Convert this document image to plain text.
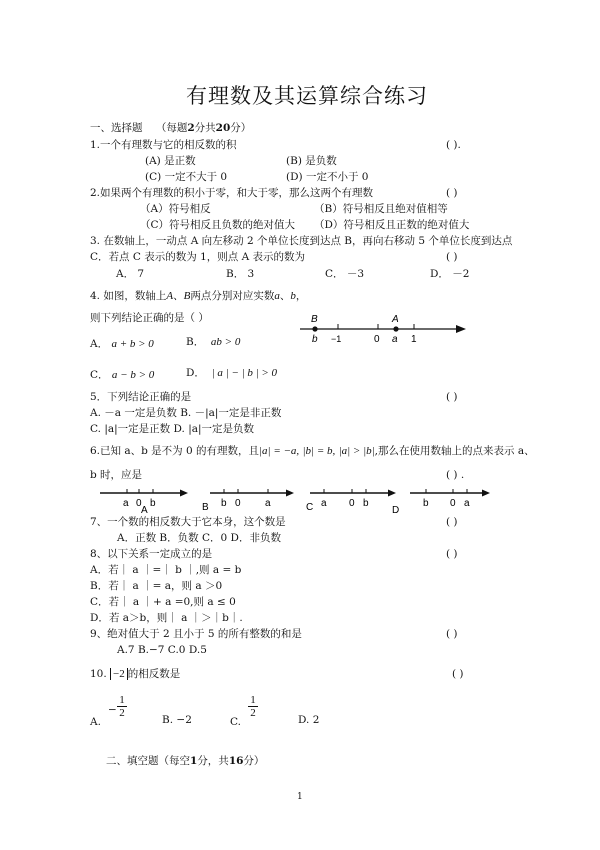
有理数及其运算综合练习
一、选择题 （每题2分共20分）
1.一个有理数与它的相反数的积	( ).
(A) 是正数	(B) 是负数
(C) 一定不大于 0	(D) 一定不小于 0
2.如果两个有理数的积小于零，和大于零，那么这两个有理数	( )
（A）符号相反	（B）符号相反且绝对值相等
（C）符号相反且负数的绝对值大 （D）符号相反且正数的绝对值大
3. 在数轴上，一动点 A 向左移动 2 个单位长度到达点 B，再向右移动 5 个单位长度到达点
C．若点 C 表示的数为 1，则点 A 表示的数为	( )
A． 7	B． 3	C． －3	D． －2
4. 如图，数轴上A、B两点分别对应实数a、b，
则下列结论正确的是（ ）	B	A
b −1	0 a 1
A． a + b > 0	B． ab > 0
C． a − b > 0	D． | a | − | b | > 0
5．下列结论正确的是	( )
A. －a 一定是负数 B. －|a|一定是非正数
C. |a|一定是正数 D. |a|一定是负数
6.已知 a、b 是不为 0 的有理数，且|a| = −a, |b| = b, |a| > |b|,那么在使用数轴上的点来表示 a、
b 时，应是	( ) .
a 0 b
A	B b 0 a	a 0 b
C	D
b 0 a
7、一个数的相反数大于它本身，这个数是	( )
A．正数 B．负数 C．0 D．非负数
8、以下关系一定成立的是	( )
A．若｜ a ｜=｜ b ｜,则 a = b
B．若｜ a ｜= a，则 a ＞0
C．若｜ a ｜+ a =0,则 a ≤ 0
D．若 a＞b，则｜ a ｜＞｜b｜.
9、绝对值大于 2 且小于 5 的所有整数的和是	( )
A.7 B.−7 C.0 D.5
10. −2 的相反数是	( )
A.
− $\frac{1}{2}$
B. −2	C.
$\frac{1}{2}$
D. 2
二、填空题（每空1分，共16分）
1
